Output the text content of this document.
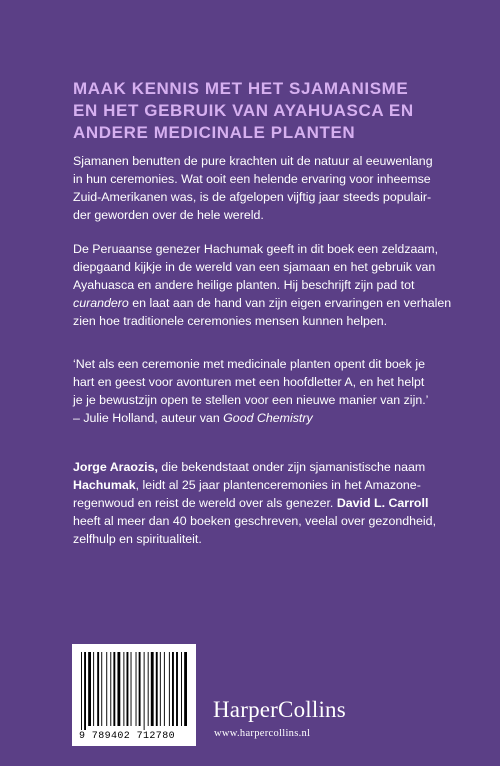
MAAK KENNIS MET HET SJAMANISME
EN HET GEBRUIK VAN AYAHUASCA EN
ANDERE MEDICINALE PLANTEN

Sjamanen benutten de pure krachten uit de natuur al eeuwenlang
in hun ceremonies. Wat ooit een helende ervaring voor inheemse
Zuid-Amerikanen was, is de afgelopen vijftig jaar steeds populair-
der geworden over de hele wereld.

De Peruaanse genezer Hachumak geeft in dit boek een zeldzaam,
diepgaand kijkje in de wereld van een sjamaan en het gebruik van
Ayahuasca en andere heilige planten. Hij beschrijft zijn pad tot
curandero en laat aan de hand van zijn eigen ervaringen en verhalen
zien hoe traditionele ceremonies mensen kunnen helpen.

‘Net als een ceremonie met medicinale planten opent dit boek je
hart en geest voor avonturen met een hoofdletter A, en het helpt
je je bewustzijn open te stellen voor een nieuwe manier van zijn.’
– Julie Holland, auteur van Good Chemistry

Jorge Araozis, die bekendstaat onder zijn sjamanistische naam
Hachumak, leidt al 25 jaar plantenceremonies in het Amazone-
regenwoud en reist de wereld over als genezer. David L. Carroll
heeft al meer dan 40 boeken geschreven, veelal over gezondheid,
zelfhulp en spiritualiteit.

9 789402 712780
HarperCollins
www.harpercollins.nl
